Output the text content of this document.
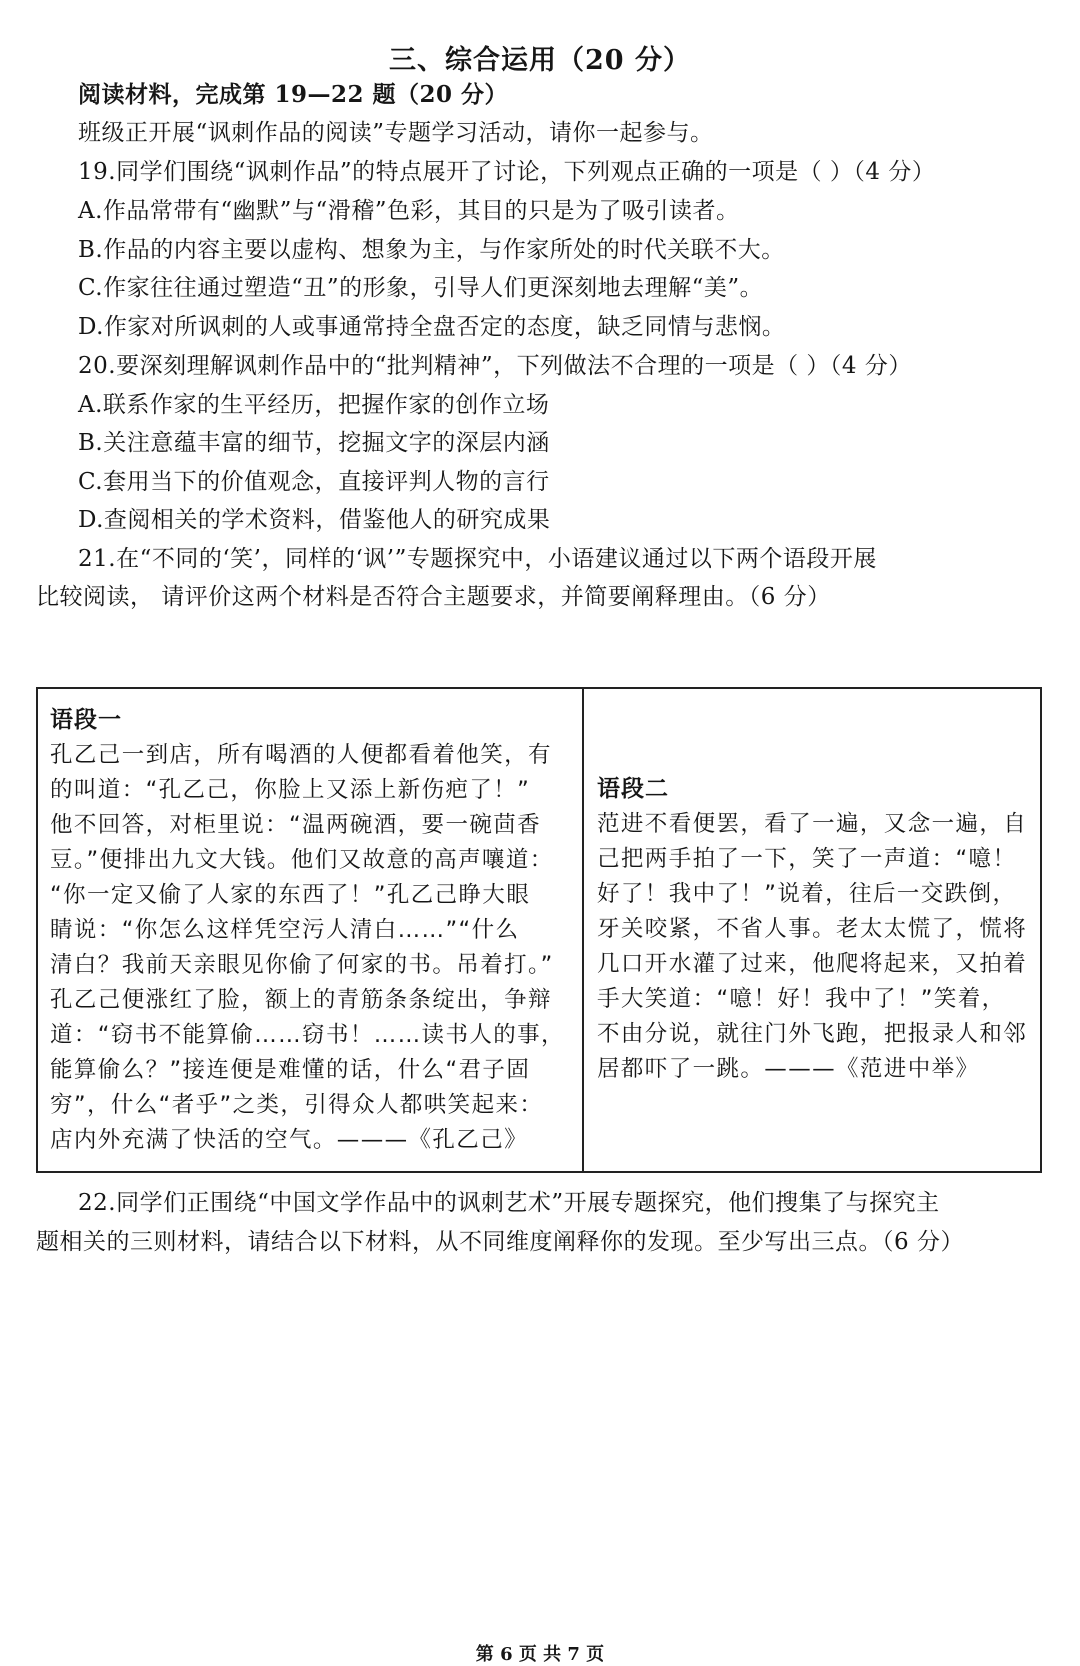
三、综合运用（20 分）
阅读材料，完成第 19—22 题（20 分）
班级正开展“讽刺作品的阅读”专题学习活动，请你一起参与。
19.同学们围绕“讽刺作品”的特点展开了讨论，下列观点正确的一项是（ ）（4 分）
A.作品常带有“幽默”与“滑稽”色彩，其目的只是为了吸引读者。
B.作品的内容主要以虚构、想象为主，与作家所处的时代关联不大。
C.作家往往通过塑造“丑”的形象，引导人们更深刻地去理解“美”。
D.作家对所讽刺的人或事通常持全盘否定的态度，缺乏同情与悲悯。
20.要深刻理解讽刺作品中的“批判精神”，下列做法不合理的一项是（ ）（4 分）
A.联系作家的生平经历，把握作家的创作立场
B.关注意蕴丰富的细节，挖掘文字的深层内涵
C.套用当下的价值观念，直接评判人物的言行
D.查阅相关的学术资料，借鉴他人的研究成果
21.在“不同的‘笑’，同样的‘讽’”专题探究中，小语建议通过以下两个语段开展
比较阅读， 请评价这两个材料是否符合主题要求，并简要阐释理由。（6 分）
语段一
孔乙己一到店，所有喝酒的人便都看着他笑，有
的叫道：“孔乙己，你脸上又添上新伤疤了！”
他不回答，对柜里说：“温两碗酒，要一碗茴香
豆。”便排出九文大钱。他们又故意的高声嚷道：
“你一定又偷了人家的东西了！”孔乙己睁大眼
睛说：“你怎么这样凭空污人清白……”“什么
清白？我前天亲眼见你偷了何家的书。吊着打。”
孔乙己便涨红了脸，额上的青筋条条绽出，争辩
道：“窃书不能算偷……窃书！……读书人的事，
能算偷么？”接连便是难懂的话，什么“君子固
穷”，什么“者乎”之类，引得众人都哄笑起来：
店内外充满了快活的空气。———《孔乙己》
语段二
范进不看便罢，看了一遍，又念一遍，自
己把两手拍了一下，笑了一声道：“噫！
好了！我中了！”说着，往后一交跌倒，
牙关咬紧，不省人事。老太太慌了，慌将
几口开水灌了过来，他爬将起来，又拍着
手大笑道：“噫！好！我中了！”笑着，
不由分说，就往门外飞跑，把报录人和邻
居都吓了一跳。———《范进中举》
22.同学们正围绕“中国文学作品中的讽刺艺术”开展专题探究，他们搜集了与探究主
题相关的三则材料，请结合以下材料，从不同维度阐释你的发现。至少写出三点。（6 分）
第 6 页 共 7 页
